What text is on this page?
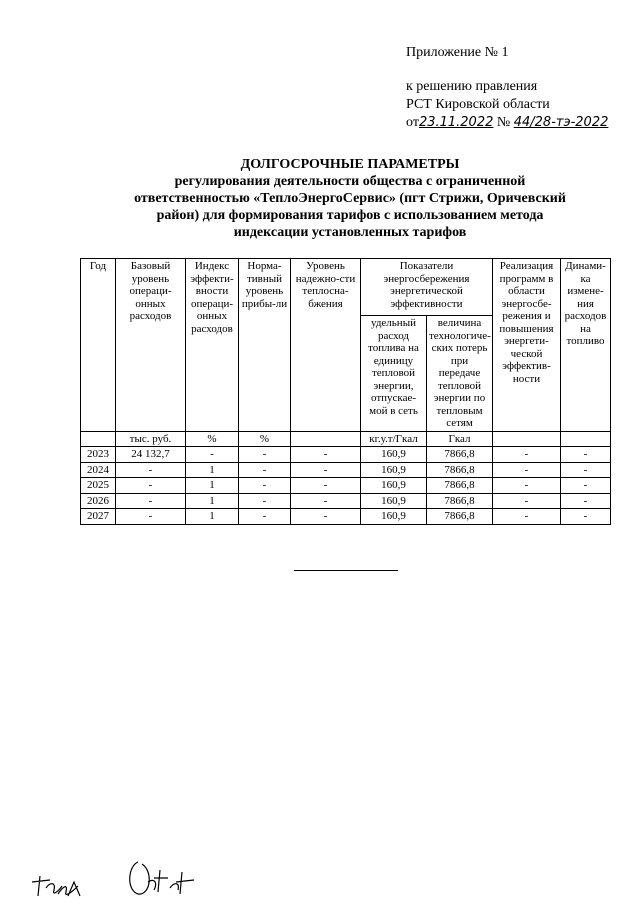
Приложение № 1
к решению правления
РСТ Кировской области
от23.11.2022 № 44/28-тэ-2022
ДОЛГОСРОЧНЫЕ ПАРАМЕТРЫ
регулирования деятельности общества с ограниченной
ответственностью «ТеплоЭнергоСервис» (пгт Стрижи, Оричевский
район) для формирования тарифов с использованием метода
индексации установленных тарифов
Год	Базовый уровень операци-онных расходов	Индекс эффекти-вности операци-онных расходов	Норма-тивный уровень прибы-ли	Уровень надежно-сти теплосна-бжения	Показатели энергосбережения энергетической эффективности		Реализация программ в области энергосбе-режения и повышения энергети-ческой эффектив-ности	Динами-ка измене-ния расходов на топливо
					удельный расход топлива на единицу тепловой энергии, отпускае-мой в сеть	величина технологиче-ских потерь при передаче тепловой энергии по тепловым сетям		
	тыс. руб.	%	%		кг.у.т/Гкал	Гкал		
2023	24 132,7	-	-	-	160,9	7866,8	-	-
2024	-	1	-	-	160,9	7866,8	-	-
2025	-	1	-	-	160,9	7866,8	-	-
2026	-	1	-	-	160,9	7866,8	-	-
2027	-	1	-	-	160,9	7866,8	-	-
